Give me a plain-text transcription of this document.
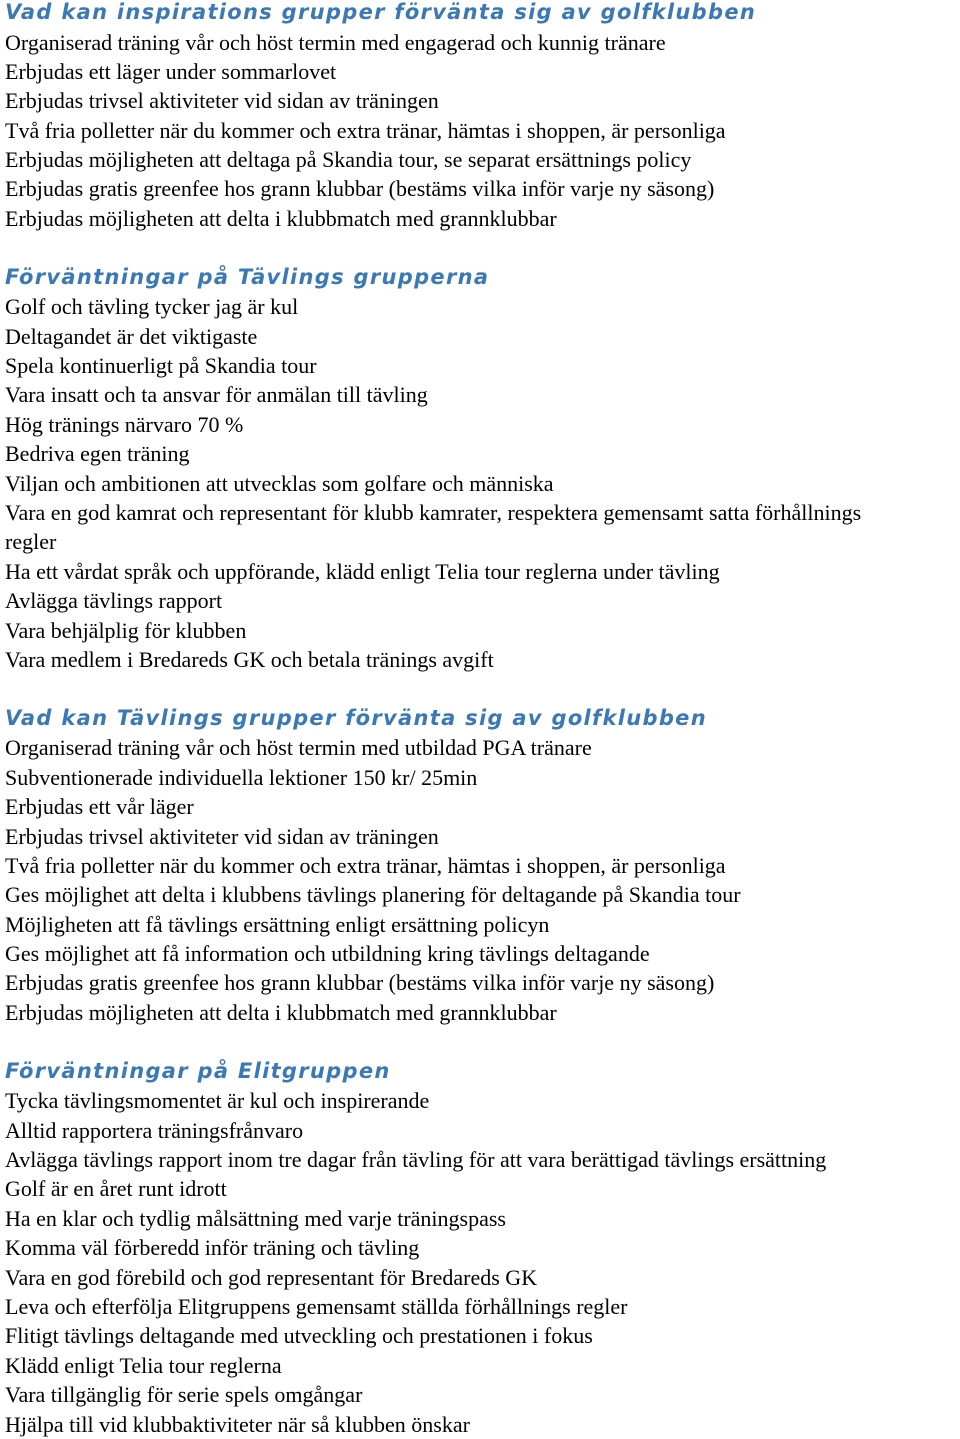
Vad kan inspirations grupper förvänta sig av golfklubben
Organiserad träning vår och höst termin med engagerad och kunnig tränare
Erbjudas ett läger under sommarlovet
Erbjudas trivsel aktiviteter vid sidan av träningen
Två fria polletter när du kommer och extra tränar, hämtas i shoppen, är personliga
Erbjudas möjligheten att deltaga på Skandia tour, se separat ersättnings policy
Erbjudas gratis greenfee hos grann klubbar (bestäms vilka inför varje ny säsong)
Erbjudas möjligheten att delta i klubbmatch med grannklubbar
Förväntningar på Tävlings grupperna
Golf och tävling tycker jag är kul
Deltagandet är det viktigaste
Spela kontinuerligt på Skandia tour
Vara insatt och ta ansvar för anmälan till tävling
Hög tränings närvaro 70 %
Bedriva egen träning
Viljan och ambitionen att utvecklas som golfare och människa
Vara en god kamrat och representant för klubb kamrater, respektera gemensamt satta förhållnings regler
Ha ett vårdat språk och uppförande, klädd enligt Telia tour reglerna under tävling
Avlägga tävlings rapport
Vara behjälplig för klubben
Vara medlem i Bredareds GK och betala tränings avgift
Vad kan Tävlings grupper förvänta sig av golfklubben
Organiserad träning vår och höst termin med utbildad PGA tränare
Subventionerade individuella lektioner 150 kr/ 25min
Erbjudas ett vår läger
Erbjudas trivsel aktiviteter vid sidan av träningen
Två fria polletter när du kommer och extra tränar, hämtas i shoppen, är personliga
Ges möjlighet att delta i klubbens tävlings planering för deltagande på Skandia tour
Möjligheten att få tävlings ersättning enligt ersättning policyn
Ges möjlighet att få information och utbildning kring tävlings deltagande
Erbjudas gratis greenfee hos grann klubbar (bestäms vilka inför varje ny säsong)
Erbjudas möjligheten att delta i klubbmatch med grannklubbar
Förväntningar på Elitgruppen
Tycka tävlingsmomentet är kul och inspirerande
Alltid rapportera träningsfrånvaro
Avlägga tävlings rapport inom tre dagar från tävling för att vara berättigad tävlings ersättning
Golf är en året runt idrott
Ha en klar och tydlig målsättning med varje träningspass
Komma väl förberedd inför träning och tävling
Vara en god förebild och god representant för Bredareds GK
Leva och efterfölja Elitgruppens gemensamt ställda förhållnings regler
Flitigt tävlings deltagande med utveckling och prestationen i fokus
Klädd enligt Telia tour reglerna
Vara tillgänglig för serie spels omgångar
Hjälpa till vid klubbaktiviteter när så klubben önskar
